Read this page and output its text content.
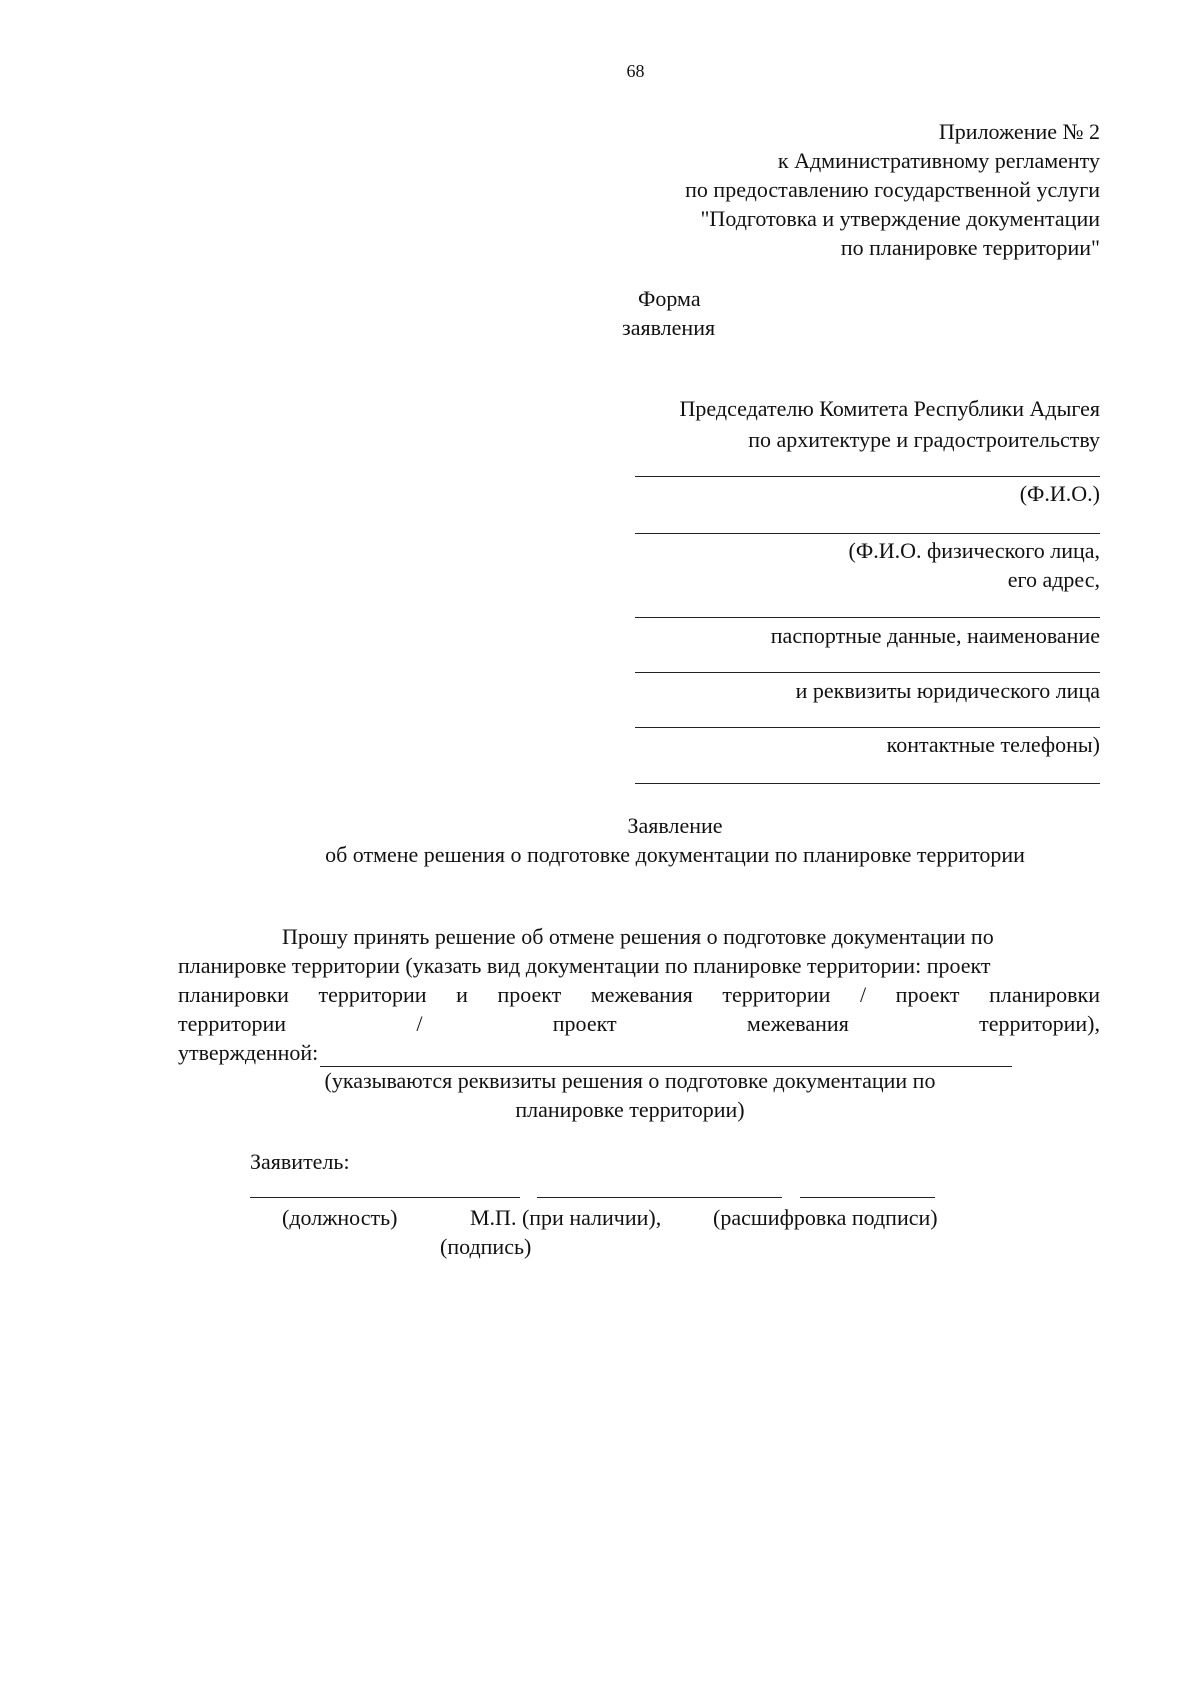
68
Приложение № 2
к Административному регламенту
по предоставлению государственной услуги
"Подготовка и утверждение документации
по планировке территории"
Форма
заявления
Председателю Комитета Республики Адыгея
по архитектуре и градостроительству
(Ф.И.О.)
(Ф.И.О. физического лица,
его адрес,
паспортные данные, наименование
и реквизиты юридического лица
контактные телефоны)
Заявление
об отмене решения о подготовке документации по планировке территории
Прошу принять решение об отмене решения о подготовке документации по
планировке территории (указать вид документации по планировке территории: проект
планировки территории и проект межевания территории / проект планировки
территории	/	проект	межевания	территории),
утвержденной:
(указываются реквизиты решения о подготовке документации по
планировке территории)
Заявитель:
(должность)	М.П. (при наличии), (расшифровка подписи)
(подпись)
